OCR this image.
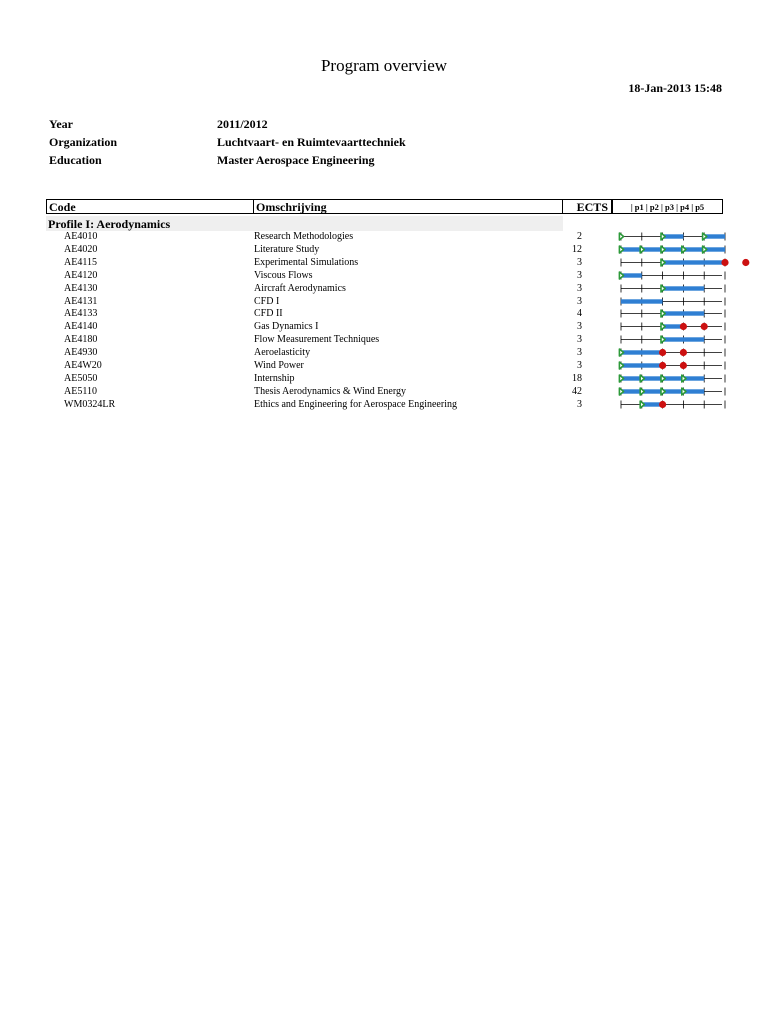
Program overview
18-Jan-2013 15:48
Year	2011/2012
Organization	Luchtvaart- en Ruimtevaarttechniek
Education	Master Aerospace Engineering
Code	Omschrijving	ECTS	| p1 | p2 | p3 | p4 | p5
Profile I: Aerodynamics
AE4010	Research Methodologies	2
AE4020	Literature Study	12
AE4115	Experimental Simulations	3
AE4120	Viscous Flows	3
AE4130	Aircraft Aerodynamics	3
AE4131	CFD I	3
AE4133	CFD II	4
AE4140	Gas Dynamics I	3
AE4180	Flow Measurement Techniques	3
AE4930	Aeroelasticity	3
AE4W20	Wind Power	3
AE5050	Internship	18
AE5110	Thesis Aerodynamics & Wind Energy	42
WM0324LR	Ethics and Engineering for Aerospace Engineering	3
